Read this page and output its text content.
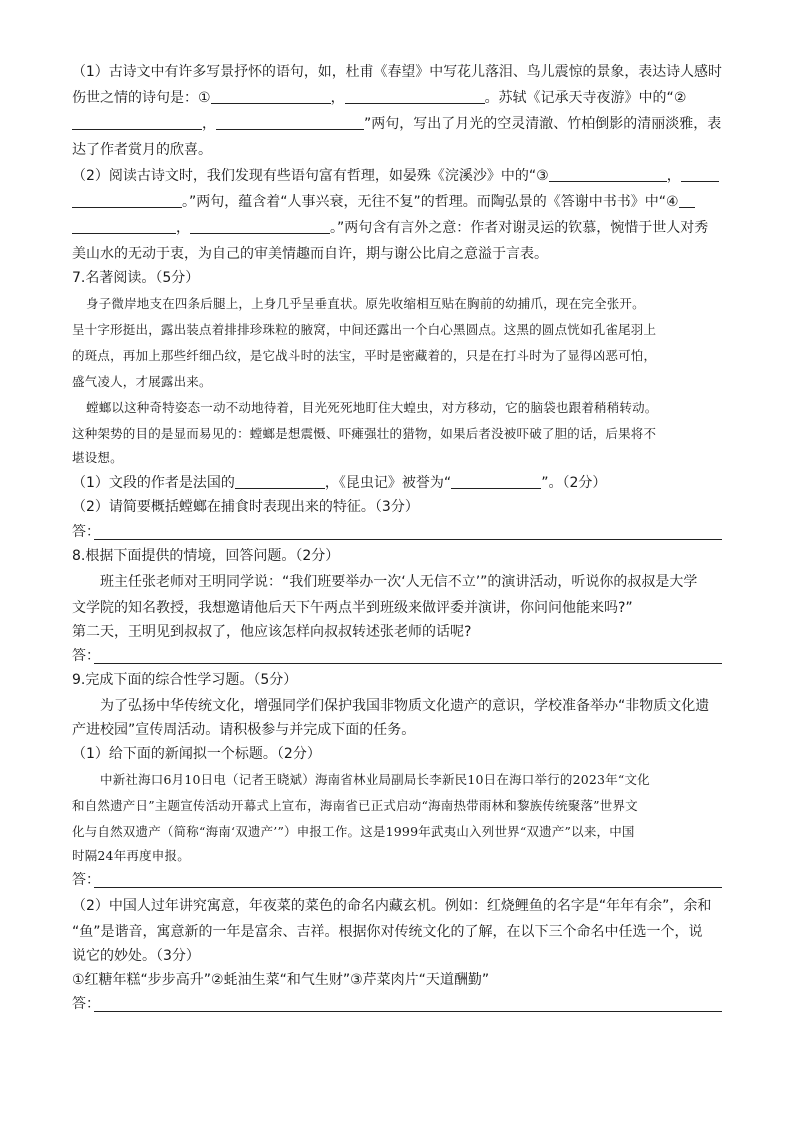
（1）古诗文中有许多写景抒怀的语句，如，杜甫《春望》中写花儿落泪、鸟儿震惊的景象，表达诗人感时
伤世之情的诗句是：①	，	。苏轼《记承天寺夜游》中的“②
，	”两句，写出了月光的空灵清澈、竹柏倒影的清丽淡雅，表
达了作者赏月的欣喜。
（2）阅读古诗文时，我们发现有些语句富有哲理，如晏殊《浣溪沙》中的“③	，
。”两句，蕴含着“人事兴衰，无往不复”的哲理。而陶弘景的《答谢中书书》中“④
，	。”两句含有言外之意：作者对谢灵运的钦慕，惋惜于世人对秀
美山水的无动于衷，为自己的审美情趣而自许，期与谢公比肩之意溢于言表。
7.名著阅读。（5分）
身子微岸地支在四条后腿上，上身几乎呈垂直状。原先收缩相互贴在胸前的幼捕爪，现在完全张开。
呈十字形挺出，露出装点着排排珍珠粒的腋窝，中间还露出一个白心黑圆点。这黑的圆点恍如孔雀尾羽上
的斑点，再加上那些纤细凸纹，是它战斗时的法宝，平时是密藏着的，只是在打斗时为了显得凶恶可怕，
盛气凌人，才展露出来。
螳螂以这种奇特姿态一动不动地待着，目光死死地盯住大蝗虫，对方移动，它的脑袋也跟着稍稍转动。
这种架势的目的是显而易见的：螳螂是想震慑、吓瘫强壮的猎物，如果后者没被吓破了胆的话，后果将不
堪设想。
（1）文段的作者是法国的	，《昆虫记》被誉为“	”。（2分）
（2）请简要概括螳螂在捕食时表现出来的特征。（3分）
答：
8.根据下面提供的情境，回答问题。（2分）
班主任张老师对王明同学说：“我们班要举办一次‘人无信不立’”的演讲活动，听说你的叔叔是大学
文学院的知名教授，我想邀请他后天下午两点半到班级来做评委并演讲，你问问他能来吗?”
第二天，王明见到叔叔了，他应该怎样向叔叔转述张老师的话呢?
答：
9.完成下面的综合性学习题。（5分）
为了弘扬中华传统文化，增强同学们保护我国非物质文化遗产的意识，学校准备举办“非物质文化遗
产进校园”宣传周活动。请积极参与并完成下面的任务。
（1）给下面的新闻拟一个标题。（2分）
中新社海口6月10日电（记者王晓斌）海南省林业局副局长李新民10日在海口举行的2023年“文化
和自然遗产日”主题宣传活动开幕式上宣布，海南省已正式启动“海南热带雨林和黎族传统聚落”世界文
化与自然双遗产（简称“海南‘双遗产’”）申报工作。这是1999年武夷山入列世界“双遗产”以来，中国
时隔24年再度申报。
答：
（2）中国人过年讲究寓意，年夜菜的菜色的命名内藏玄机。例如：红烧鲤鱼的名字是“年年有余”，余和
“鱼”是谐音，寓意新的一年是富余、吉祥。根据你对传统文化的了解，在以下三个命名中任选一个，说
说它的妙处。（3分）
①红糖年糕“步步高升”②蚝油生菜“和气生财”③芹菜肉片“天道酬勤”
答：
